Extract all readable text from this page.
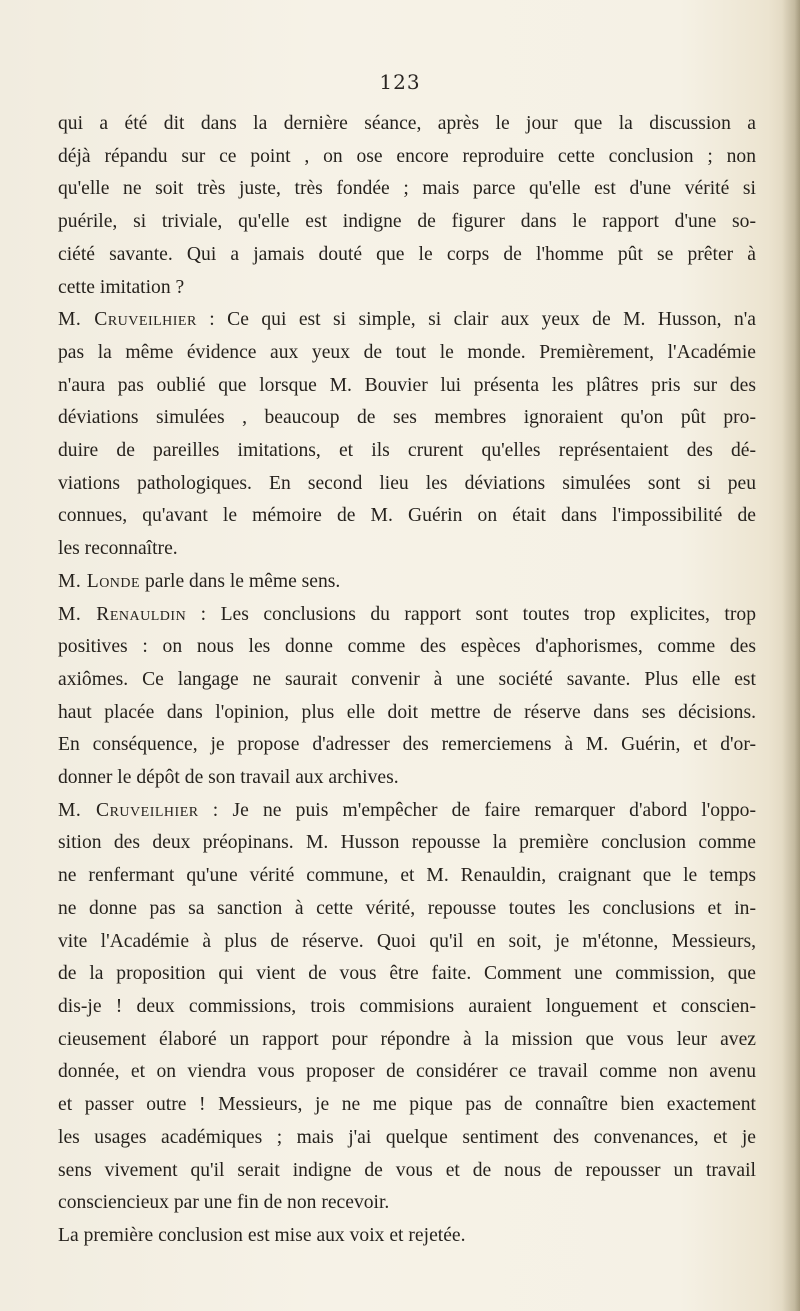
123

qui a été dit dans la dernière séance, après le jour que la discussion a
déjà répandu sur ce point , on ose encore reproduire cette conclusion ; non
qu'elle ne soit très juste, très fondée ; mais parce qu'elle est d'une vérité si
puérile, si triviale, qu'elle est indigne de figurer dans le rapport d'une so-
ciété savante. Qui a jamais douté que le corps de l'homme pût se prêter à
cette imitation ?

M. Cruveilhier : Ce qui est si simple, si clair aux yeux de M. Husson, n'a
pas la même évidence aux yeux de tout le monde. Premièrement, l'Académie
n'aura pas oublié que lorsque M. Bouvier lui présenta les plâtres pris sur des
déviations simulées , beaucoup de ses membres ignoraient qu'on pût pro-
duire de pareilles imitations, et ils crurent qu'elles représentaient des dé-
viations pathologiques. En second lieu les déviations simulées sont si peu
connues, qu'avant le mémoire de M. Guérin on était dans l'impossibilité de
les reconnaître.

M. Londe parle dans le même sens.

M. Renauldin : Les conclusions du rapport sont toutes trop explicites, trop
positives : on nous les donne comme des espèces d'aphorismes, comme des
axiômes. Ce langage ne saurait convenir à une société savante. Plus elle est
haut placée dans l'opinion, plus elle doit mettre de réserve dans ses décisions.
En conséquence, je propose d'adresser des remerciemens à M. Guérin, et d'or-
donner le dépôt de son travail aux archives.

M. Cruveilhier : Je ne puis m'empêcher de faire remarquer d'abord l'oppo-
sition des deux préopinans. M. Husson repousse la première conclusion comme
ne renfermant qu'une vérité commune, et M. Renauldin, craignant que le temps
ne donne pas sa sanction à cette vérité, repousse toutes les conclusions et in-
vite l'Académie à plus de réserve. Quoi qu'il en soit, je m'étonne, Messieurs,
de la proposition qui vient de vous être faite. Comment une commission, que
dis-je ! deux commissions, trois commisions auraient longuement et conscien-
cieusement élaboré un rapport pour répondre à la mission que vous leur avez
donnée, et on viendra vous proposer de considérer ce travail comme non avenu
et passer outre ! Messieurs, je ne me pique pas de connaître bien exactement
les usages académiques ; mais j'ai quelque sentiment des convenances, et je
sens vivement qu'il serait indigne de vous et de nous de repousser un travail
consciencieux par une fin de non recevoir.

La première conclusion est mise aux voix et rejetée.
